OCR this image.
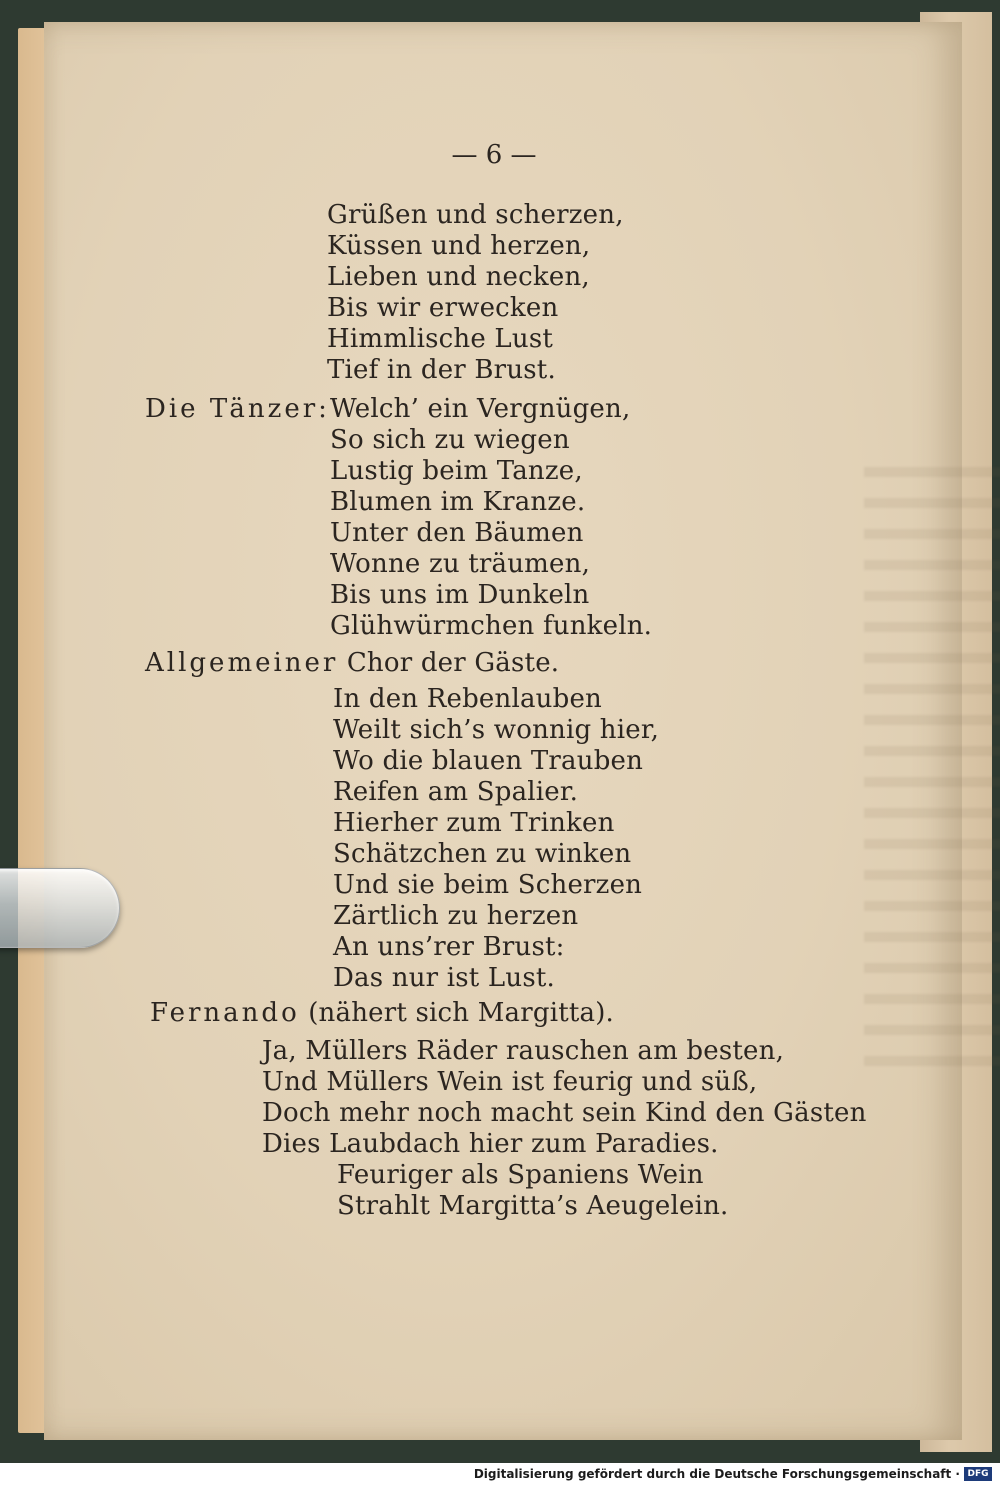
— 6 —
Grüßen und scherzen,
Küssen und herzen,
Lieben und necken,
Bis wir erwecken
Himmlische Lust
Tief in der Brust.
Die Tänzer: Welch’ ein Vergnügen,
So sich zu wiegen
Lustig beim Tanze,
Blumen im Kranze.
Unter den Bäumen
Wonne zu träumen,
Bis uns im Dunkeln
Glühwürmchen funkeln.
Allgemeiner Chor der Gäste.
In den Rebenlauben
Weilt sich’s wonnig hier,
Wo die blauen Trauben
Reifen am Spalier.
Hierher zum Trinken
Schätzchen zu winken
Und sie beim Scherzen
Zärtlich zu herzen
An uns’rer Brust:
Das nur ist Lust.
Fernando (nähert sich Margitta).
Ja, Müllers Räder rauschen am besten,
Und Müllers Wein ist feurig und süß,
Doch mehr noch macht sein Kind den Gästen
Dies Laubdach hier zum Paradies.
Feuriger als Spaniens Wein
Strahlt Margitta’s Aeugelein.
Digitalisierung gefördert durch die Deutsche Forschungsgemeinschaft · DFG
